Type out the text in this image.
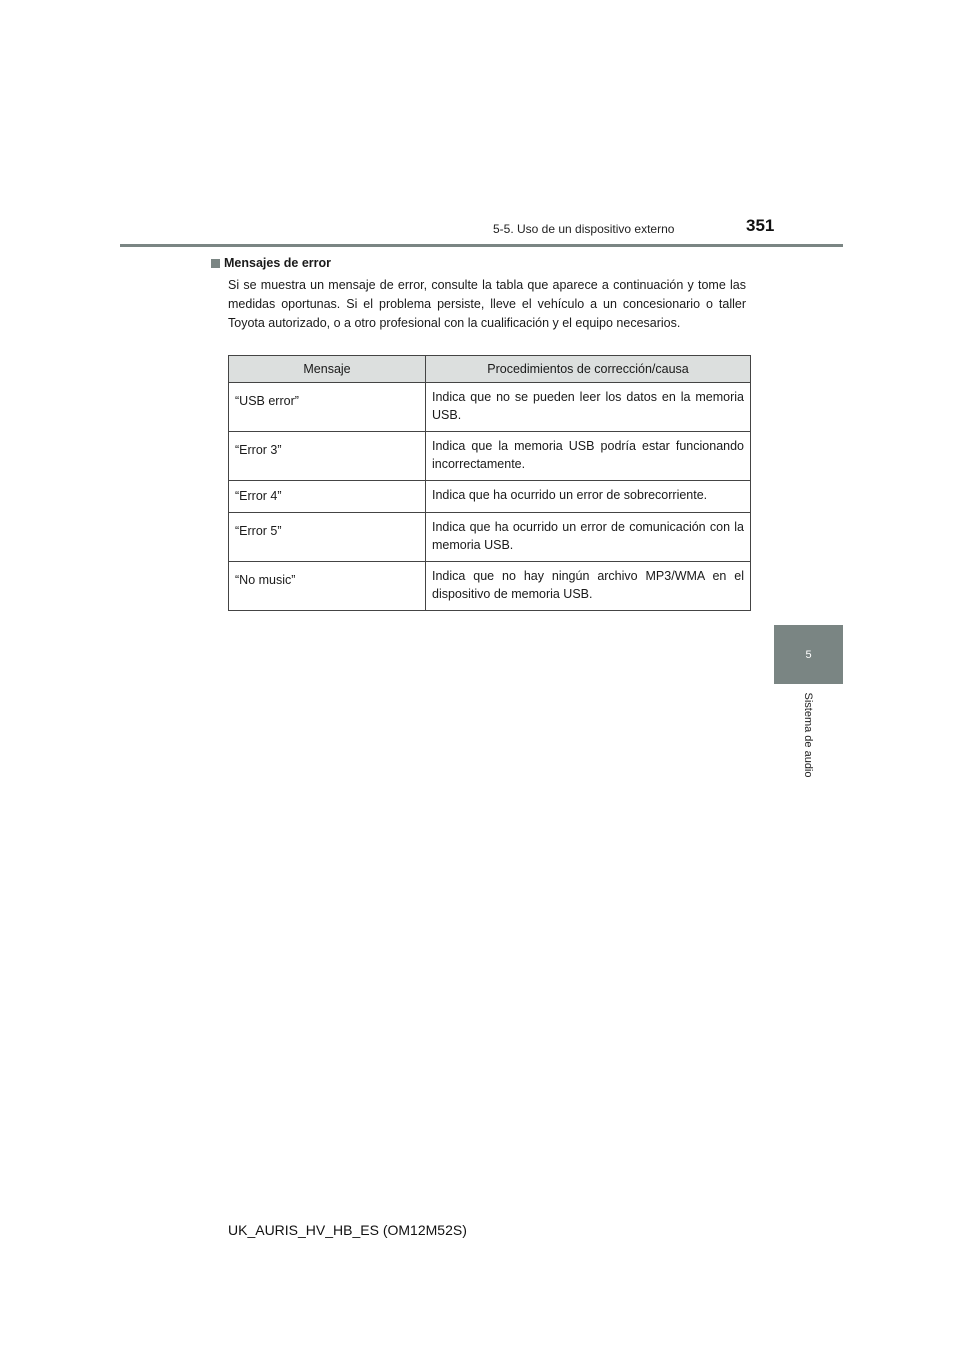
5-5. Uso de un dispositivo externo	351
5
Sistema de audio
Mensajes de error
Si se muestra un mensaje de error, consulte la tabla que aparece a continuación y tome las medidas oportunas. Si el problema persiste, lleve el vehículo a un concesionario o taller Toyota autorizado, o a otro profesional con la cualificación y el equipo necesarios.
Mensaje	Procedimientos de corrección/causa
“USB error”	Indica que no se pueden leer los datos en la memoria USB.
“Error 3”	Indica que la memoria USB podría estar funcionando incorrectamente.
“Error 4”	Indica que ha ocurrido un error de sobrecorriente.
“Error 5”	Indica que ha ocurrido un error de comunicación con la memoria USB.
“No music”	Indica que no hay ningún archivo MP3/WMA en el dispositivo de memoria USB.
UK_AURIS_HV_HB_ES (OM12M52S)
